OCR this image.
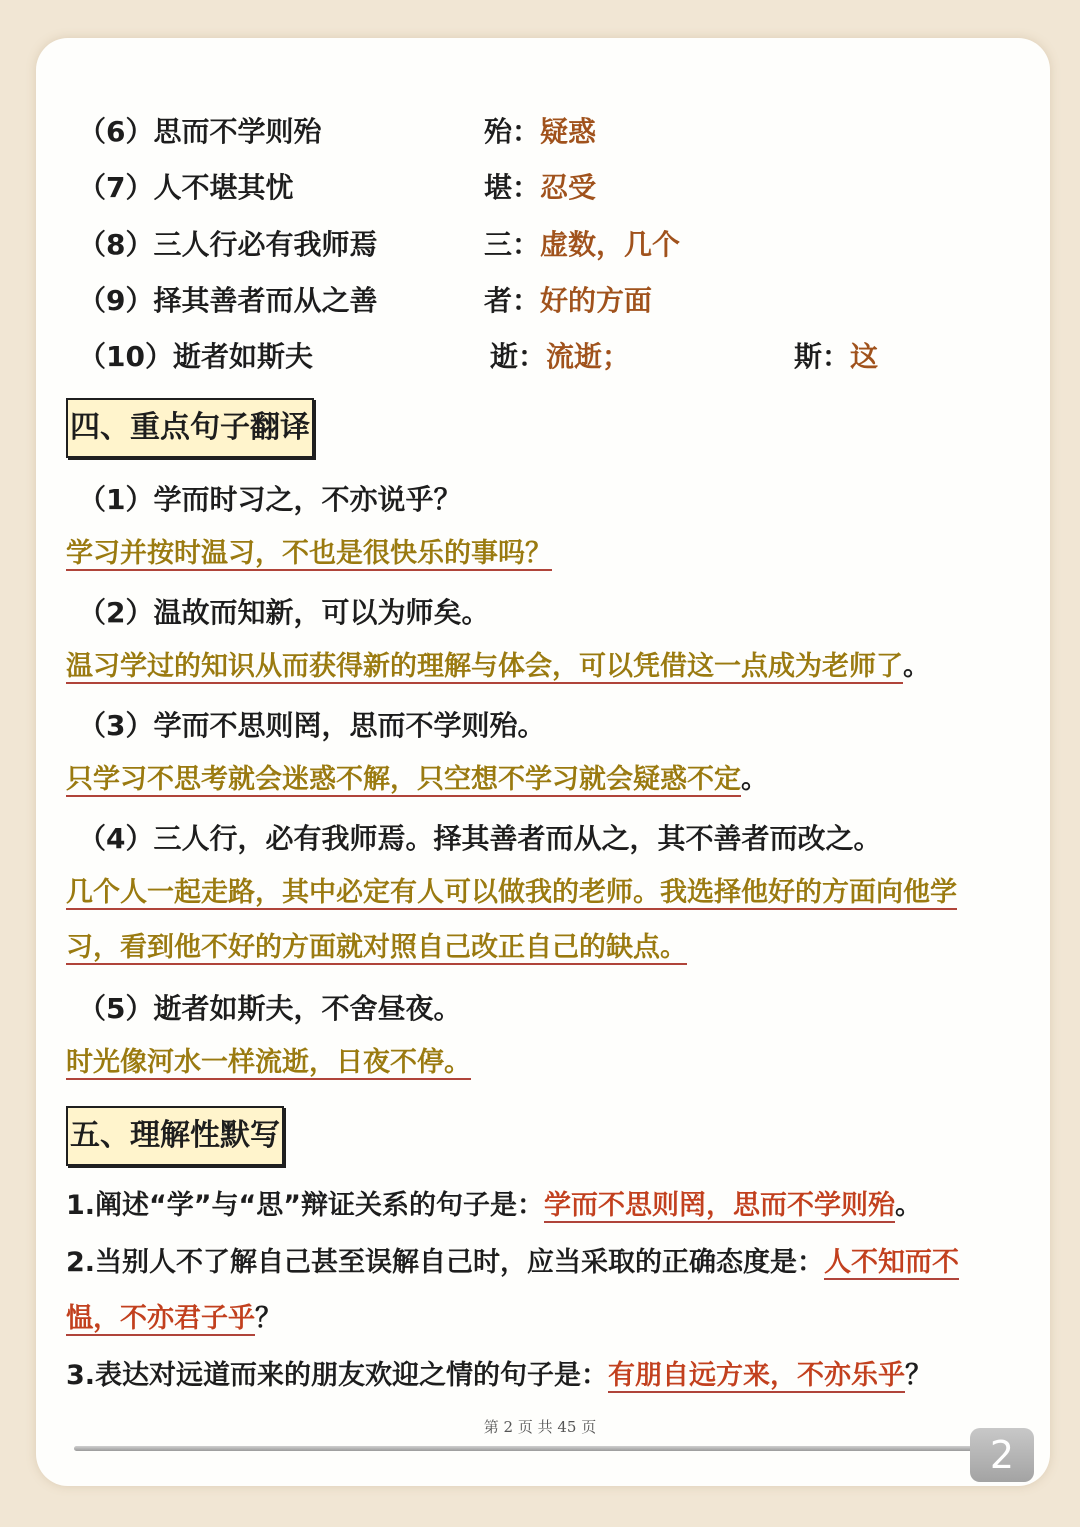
（6）思而不学则殆	殆：疑惑
（7）人不堪其忧	堪：忍受
（8）三人行必有我师焉	三：虚数，几个
（9）择其善者而从之善	者：好的方面
（10）逝者如斯夫	逝：流逝；	斯：这
四、重点句子翻译
（1）学而时习之，不亦说乎？
学习并按时温习，不也是很快乐的事吗？
（2）温故而知新，可以为师矣。
温习学过的知识从而获得新的理解与体会，可以凭借这一点成为老师了。
（3）学而不思则罔，思而不学则殆。
只学习不思考就会迷惑不解，只空想不学习就会疑惑不定。
（4）三人行，必有我师焉。择其善者而从之，其不善者而改之。
几个人一起走路，其中必定有人可以做我的老师。我选择他好的方面向他学
习，看到他不好的方面就对照自己改正自己的缺点。
（5）逝者如斯夫，不舍昼夜。
时光像河水一样流逝，日夜不停。
五、理解性默写
1.阐述“学”与“思”辩证关系的句子是：学而不思则罔，思而不学则殆。
2.当别人不了解自己甚至误解自己时，应当采取的正确态度是：人不知而不
愠，不亦君子乎？
3.表达对远道而来的朋友欢迎之情的句子是：有朋自远方来，不亦乐乎？
第 2 页 共 45 页
2
